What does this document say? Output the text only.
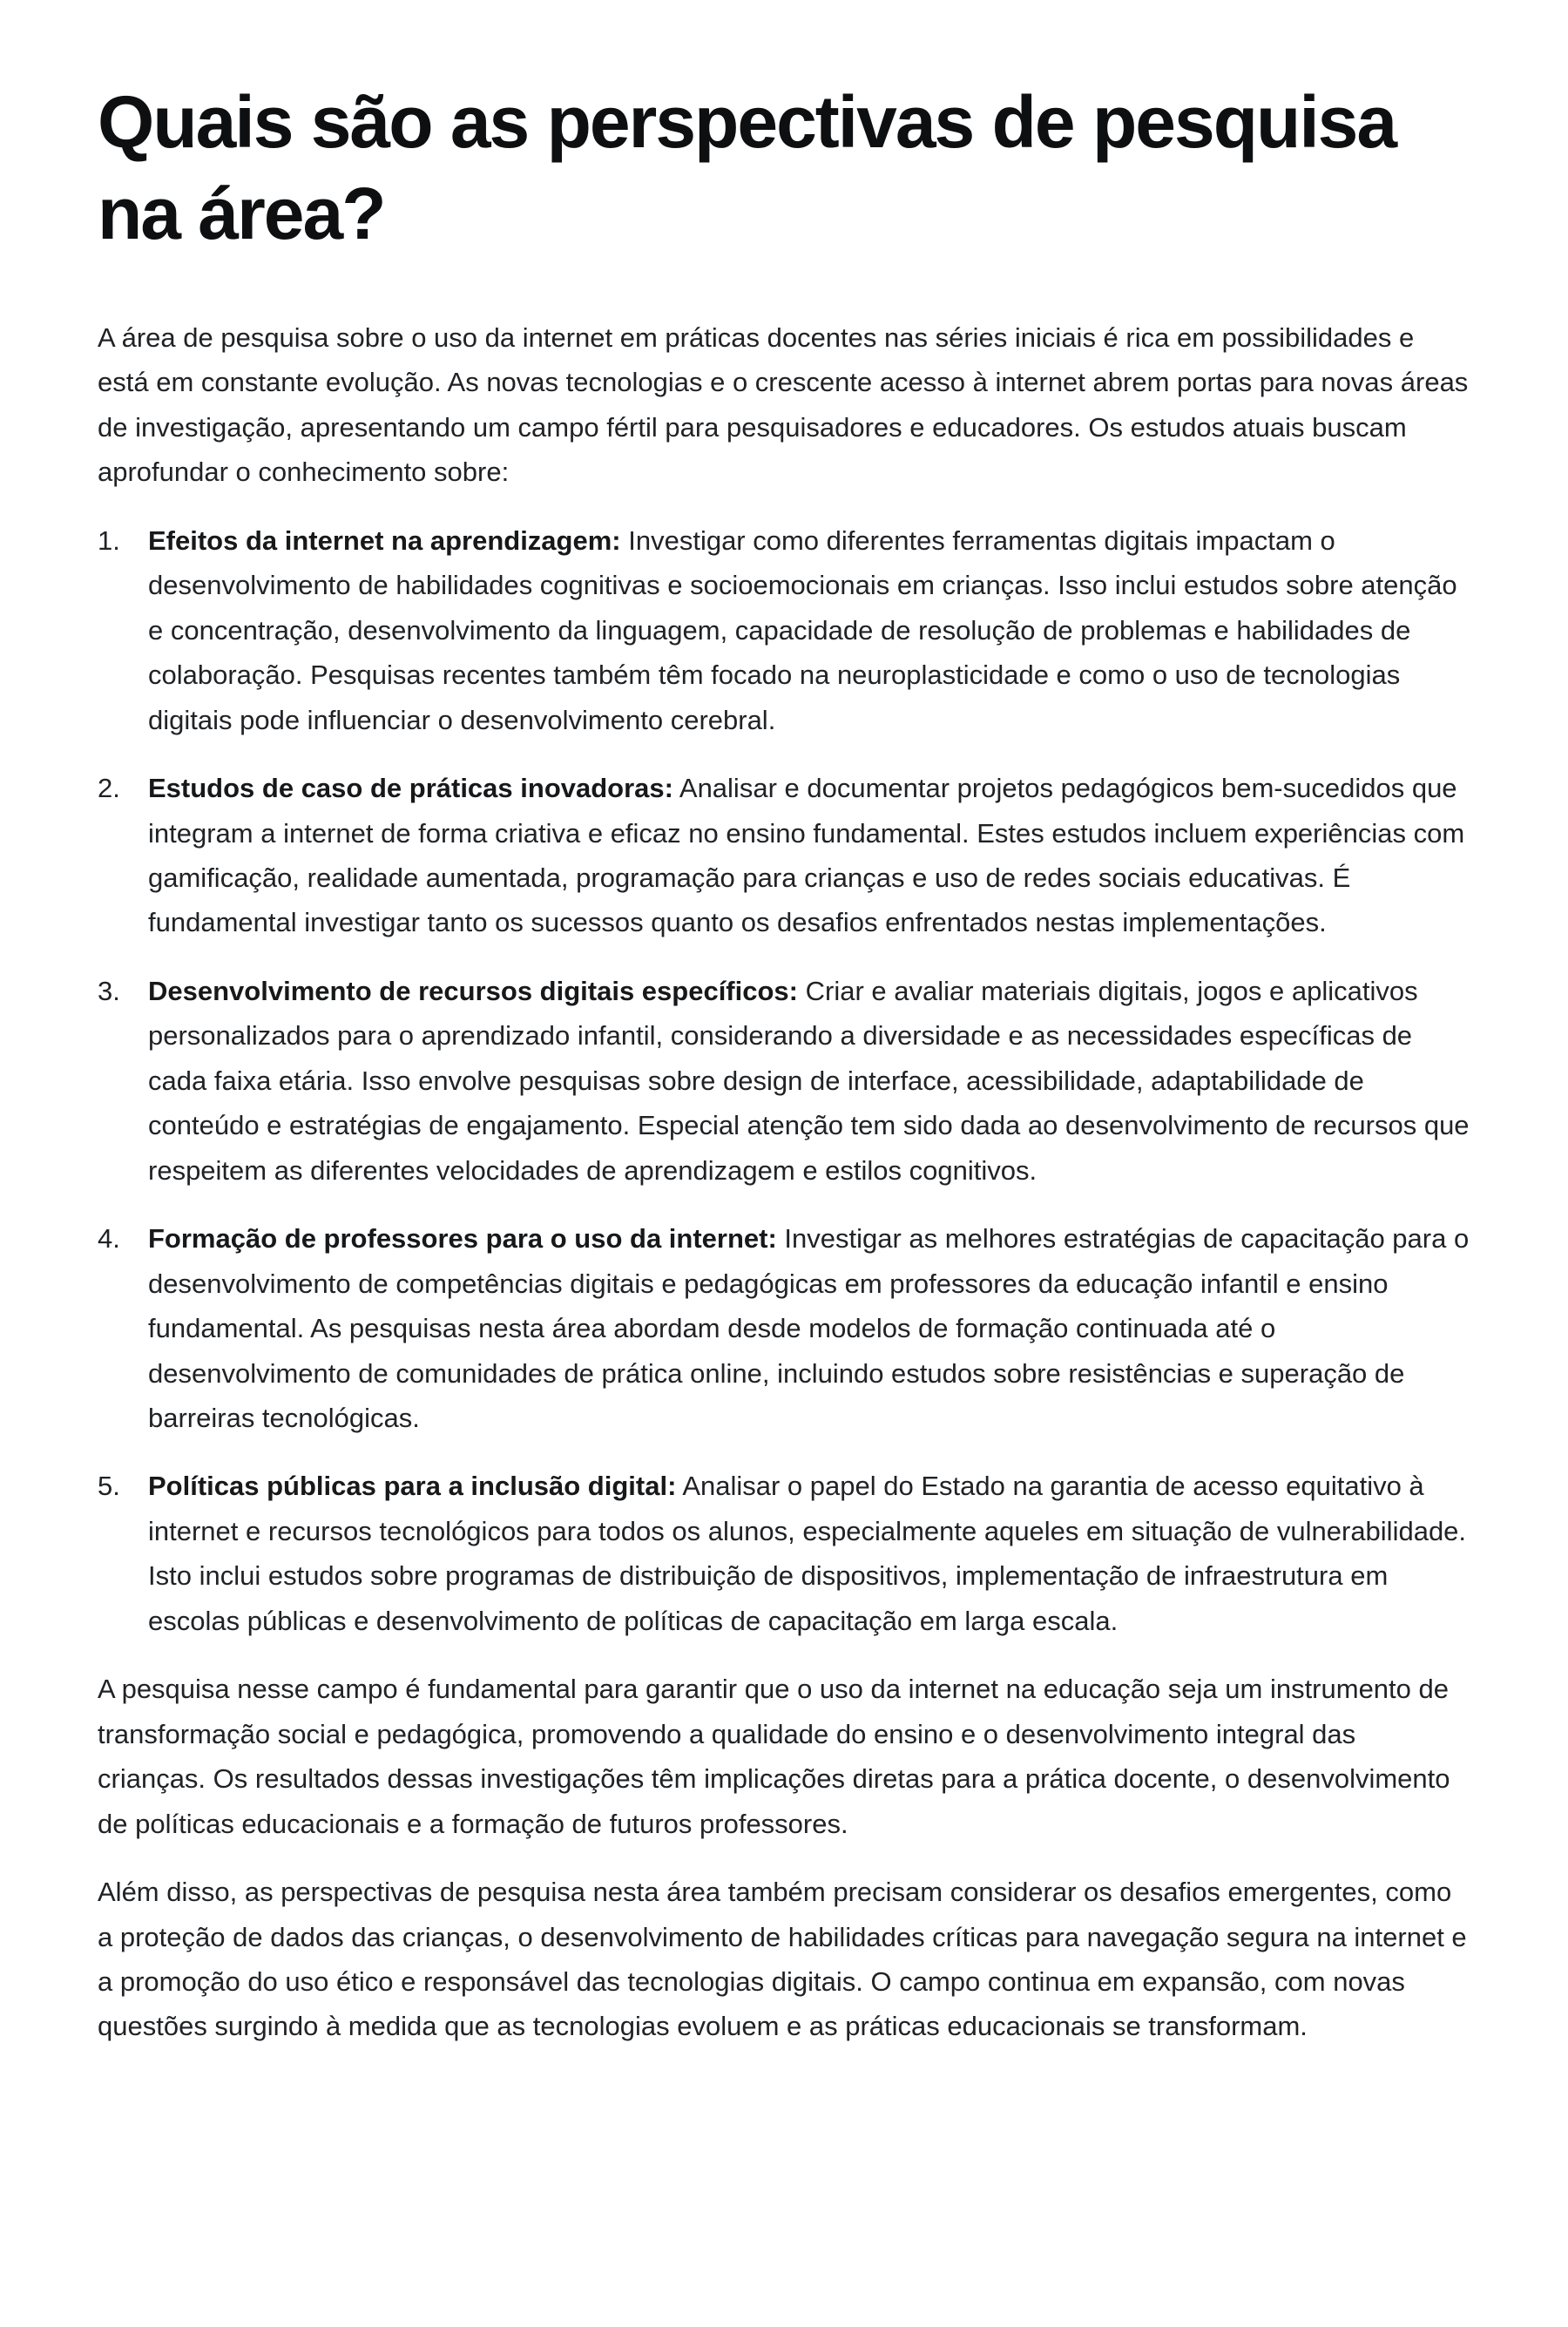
Quais são as perspectivas de pesquisa na área?

A área de pesquisa sobre o uso da internet em práticas docentes nas séries iniciais é rica em possibilidades e está em constante evolução. As novas tecnologias e o crescente acesso à internet abrem portas para novas áreas de investigação, apresentando um campo fértil para pesquisadores e educadores. Os estudos atuais buscam aprofundar o conhecimento sobre:

1.	Efeitos da internet na aprendizagem: Investigar como diferentes ferramentas digitais impactam o desenvolvimento de habilidades cognitivas e socioemocionais em crianças. Isso inclui estudos sobre atenção e concentração, desenvolvimento da linguagem, capacidade de resolução de problemas e habilidades de colaboração. Pesquisas recentes também têm focado na neuroplasticidade e como o uso de tecnologias digitais pode influenciar o desenvolvimento cerebral.
2.	Estudos de caso de práticas inovadoras: Analisar e documentar projetos pedagógicos bem-sucedidos que integram a internet de forma criativa e eficaz no ensino fundamental. Estes estudos incluem experiências com gamificação, realidade aumentada, programação para crianças e uso de redes sociais educativas. É fundamental investigar tanto os sucessos quanto os desafios enfrentados nestas implementações.
3.	Desenvolvimento de recursos digitais específicos: Criar e avaliar materiais digitais, jogos e aplicativos personalizados para o aprendizado infantil, considerando a diversidade e as necessidades específicas de cada faixa etária. Isso envolve pesquisas sobre design de interface, acessibilidade, adaptabilidade de conteúdo e estratégias de engajamento. Especial atenção tem sido dada ao desenvolvimento de recursos que respeitem as diferentes velocidades de aprendizagem e estilos cognitivos.
4.	Formação de professores para o uso da internet: Investigar as melhores estratégias de capacitação para o desenvolvimento de competências digitais e pedagógicas em professores da educação infantil e ensino fundamental. As pesquisas nesta área abordam desde modelos de formação continuada até o desenvolvimento de comunidades de prática online, incluindo estudos sobre resistências e superação de barreiras tecnológicas.
5.	Políticas públicas para a inclusão digital: Analisar o papel do Estado na garantia de acesso equitativo à internet e recursos tecnológicos para todos os alunos, especialmente aqueles em situação de vulnerabilidade. Isto inclui estudos sobre programas de distribuição de dispositivos, implementação de infraestrutura em escolas públicas e desenvolvimento de políticas de capacitação em larga escala.

A pesquisa nesse campo é fundamental para garantir que o uso da internet na educação seja um instrumento de transformação social e pedagógica, promovendo a qualidade do ensino e o desenvolvimento integral das crianças. Os resultados dessas investigações têm implicações diretas para a prática docente, o desenvolvimento de políticas educacionais e a formação de futuros professores.

Além disso, as perspectivas de pesquisa nesta área também precisam considerar os desafios emergentes, como a proteção de dados das crianças, o desenvolvimento de habilidades críticas para navegação segura na internet e a promoção do uso ético e responsável das tecnologias digitais. O campo continua em expansão, com novas questões surgindo à medida que as tecnologias evoluem e as práticas educacionais se transformam.
